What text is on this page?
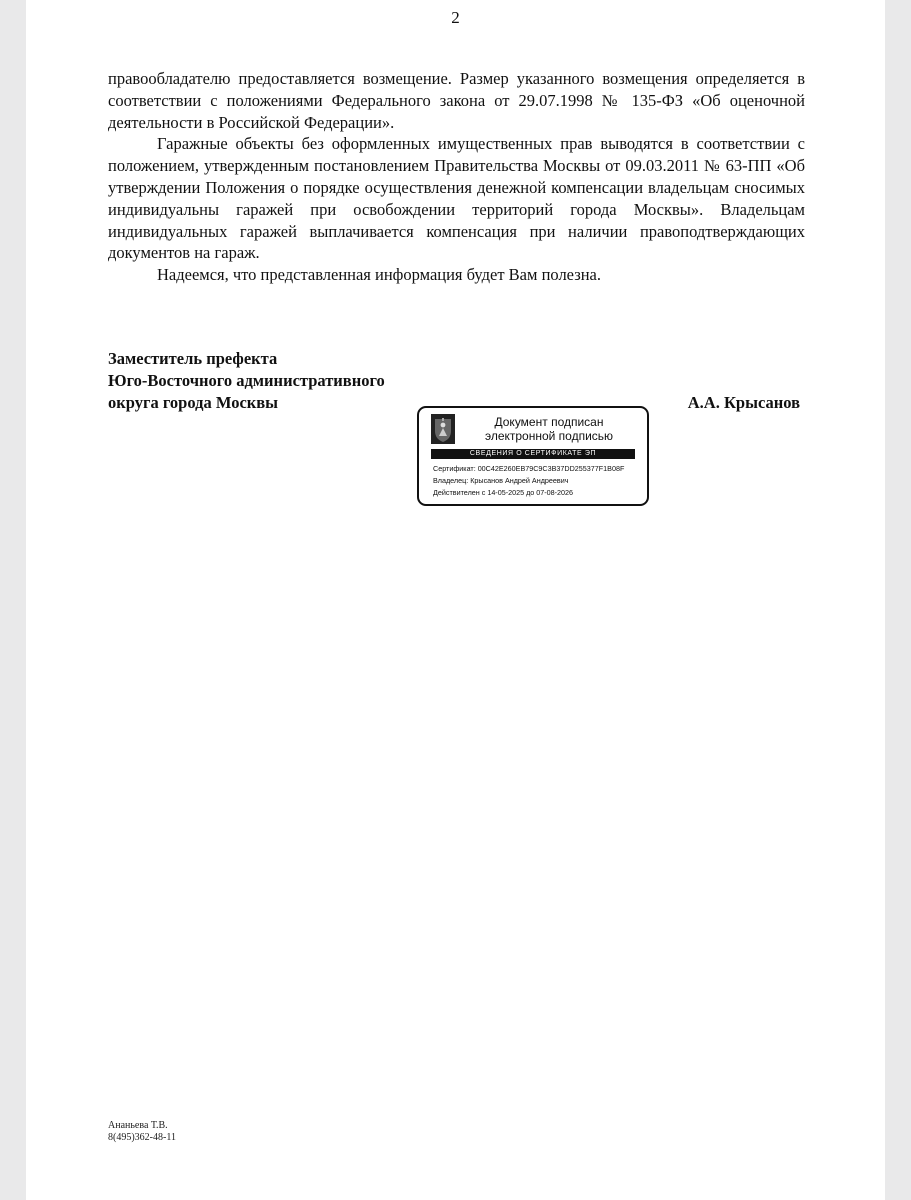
2

правообладателю предоставляется возмещение. Размер указанного возмещения определяется в соответствии с положениями Федерального закона от 29.07.1998 № 135-ФЗ «Об оценочной деятельности в Российской Федерации».

Гаражные объекты без оформленных имущественных прав выводятся в соответствии с положением, утвержденным постановлением Правительства Москвы от 09.03.2011 № 63-ПП «Об утверждении Положения о порядке осуществления денежной компенсации владельцам сносимых индивидуальны гаражей при освобождении территорий города Москвы». Владельцам индивидуальных гаражей выплачивается компенсация при наличии правоподтверждающих документов на гараж.

Надеемся, что представленная информация будет Вам полезна.

Заместитель префекта
Юго-Восточного административного
округа города Москвы	А.А. Крысанов
Документ подписан
электронной подписью
СВЕДЕНИЯ О СЕРТИФИКАТЕ ЭП
Сертификат: 00C42E260EB79C9C3B37DD255377F1B08F
Владелец: Крысанов Андрей Андреевич
Действителен с 14-05-2025 до 07-08-2026
Ананьева Т.В.
8(495)362-48-11
